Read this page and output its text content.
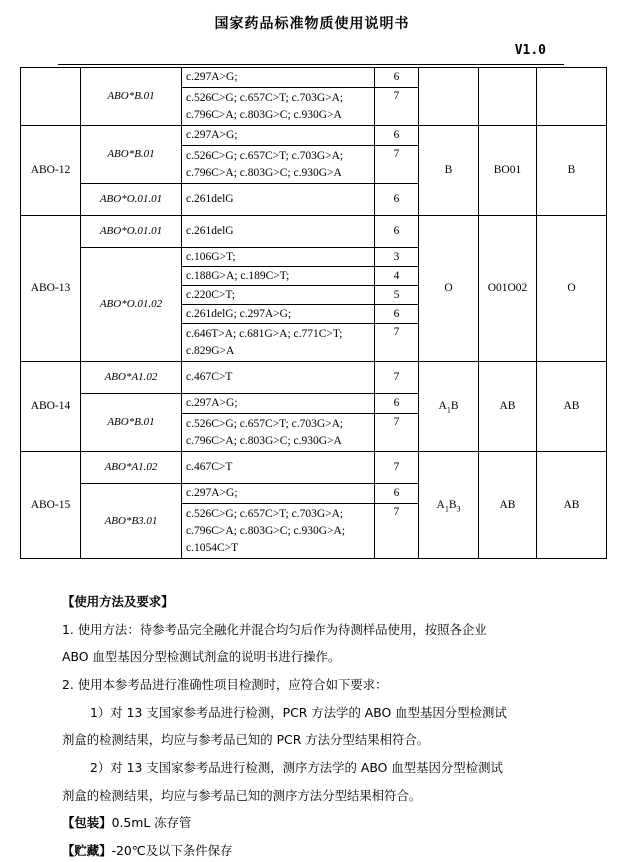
国家药品标准物质使用说明书
V1.0
	ABO*B.01	c.297A>G;	6			
		c.526C>G; c.657C>T; c.703G>A; c.796C>A; c.803G>C; c.930G>A	7			
ABO-12	ABO*B.01	c.297A>G;	6	B	BO01	B
		c.526C>G; c.657C>T; c.703G>A; c.796C>A; c.803G>C; c.930G>A	7			
	ABO*O.01.01	c.261delG	6			
ABO-13	ABO*O.01.01	c.261delG	6	O	O01O02	O
	ABO*O.01.02	c.106G>T;	3			
		c.188G>A; c.189C>T;	4			
		c.220C>T;	5			
		c.261delG; c.297A>G;	6			
		c.646T>A; c.681G>A; c.771C>T; c.829G>A	7			
ABO-14	ABO*A1.02	c.467C>T	7	$A_1B$	AB	AB
	ABO*B.01	c.297A>G;	6			
		c.526C>G; c.657C>T; c.703G>A; c.796C>A; c.803G>C; c.930G>A	7			
ABO-15	ABO*A1.02	c.467C>T	7	$A_1B_3$	AB	AB
	ABO*B3.01	c.297A>G;	6			
		c.526C>G; c.657C>T; c.703G>A; c.796C>A; c.803G>C; c.930G>A; c.1054C>T	7			
【使用方法及要求】
1. 使用方法：待参考品完全融化并混合均匀后作为待测样品使用，按照各企业
ABO 血型基因分型检测试剂盒的说明书进行操作。
2. 使用本参考品进行准确性项目检测时，应符合如下要求：
1）对 13 支国家参考品进行检测，PCR 方法学的 ABO 血型基因分型检测试
剂盒的检测结果，均应与参考品已知的 PCR 方法分型结果相符合。
2）对 13 支国家参考品进行检测，测序方法学的 ABO 血型基因分型检测试
剂盒的检测结果，均应与参考品已知的测序方法分型结果相符合。
【包装】0.5mL 冻存管
【贮藏】-20℃及以下条件保存
